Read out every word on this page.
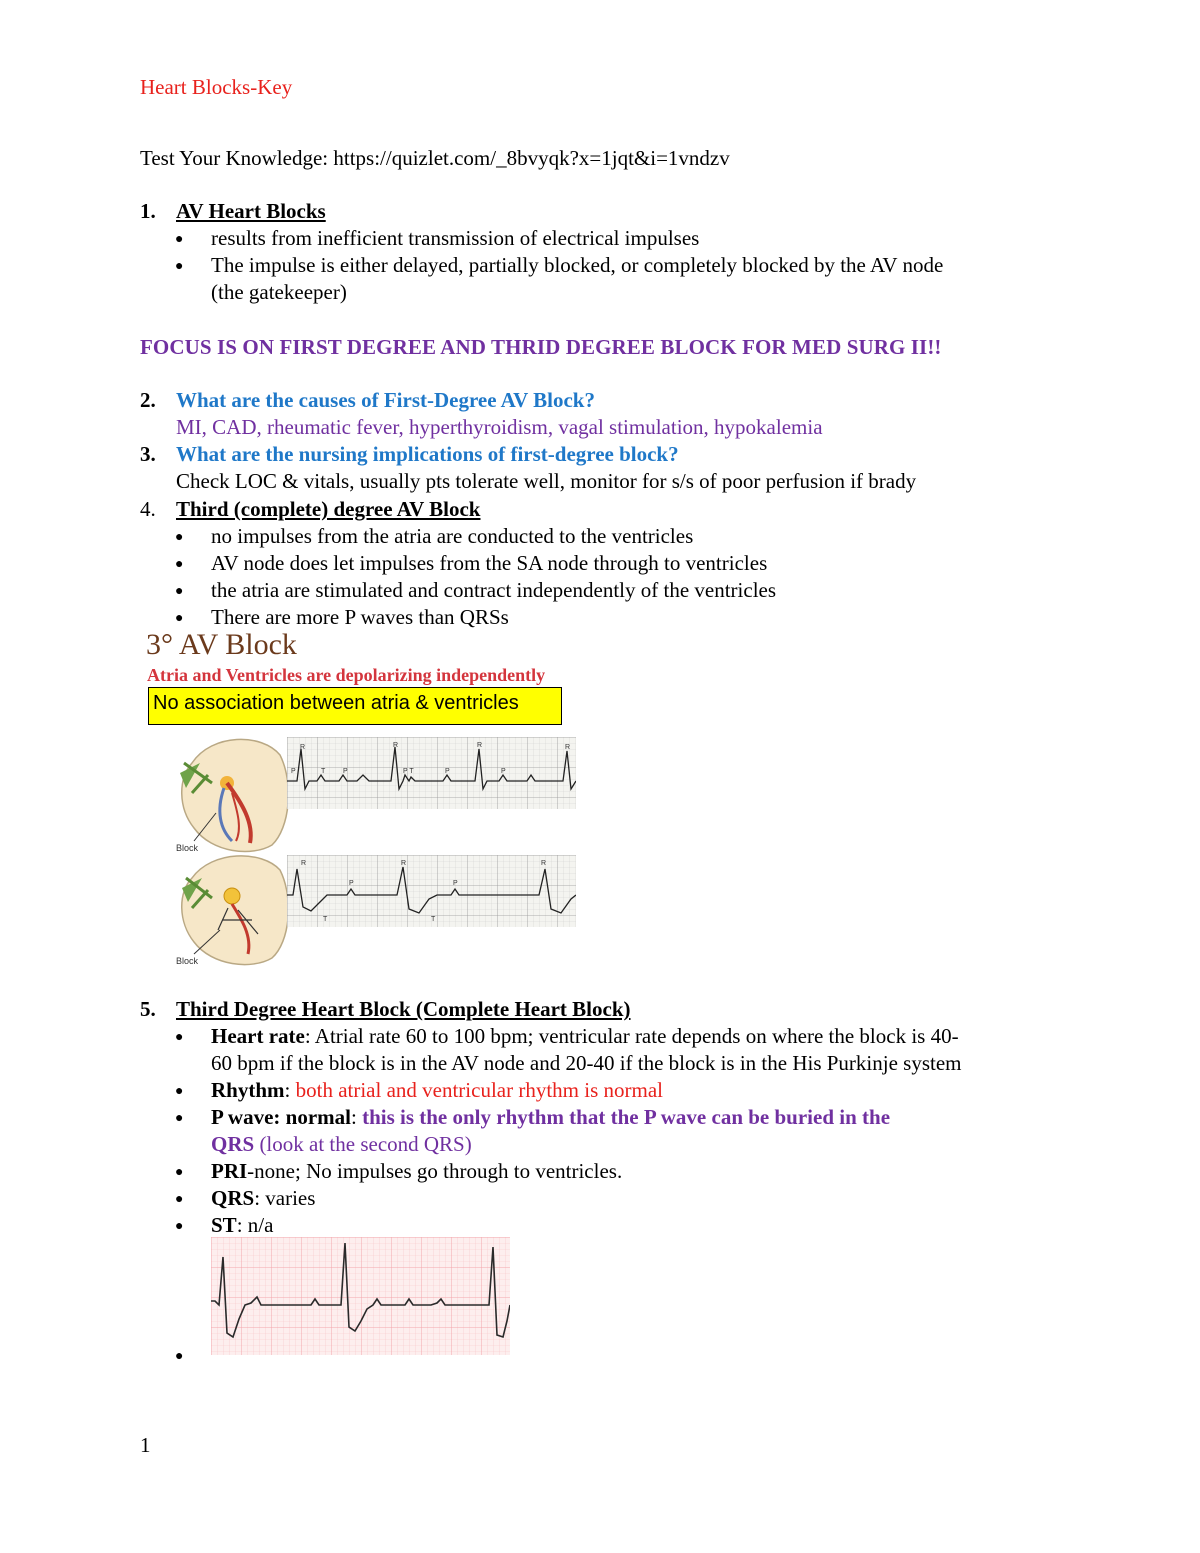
Heart Blocks-Key
Test Your Knowledge: https://quizlet.com/_8bvyqk?x=1jqt&i=1vndzv
1. AV Heart Blocks
● results from inefficient transmission of electrical impulses
● The impulse is either delayed, partially blocked, or completely blocked by the AV node
(the gatekeeper)
FOCUS IS ON FIRST DEGREE AND THRID DEGREE BLOCK FOR MED SURG II!!
2. What are the causes of First-Degree AV Block?
MI, CAD, rheumatic fever, hyperthyroidism, vagal stimulation, hypokalemia
3. What are the nursing implications of first-degree block?
Check LOC & vitals, usually pts tolerate well, monitor for s/s of poor perfusion if brady
4. Third (complete) degree AV Block
● no impulses from the atria are conducted to the ventricles
● AV node does let impulses from the SA node through to ventricles
● the atria are stimulated and contract independently of the ventricles
● There are more P waves than QRSs
3° AV Block
Atria and Ventricles are depolarizing independently
No association between atria & ventricles
Block
Block
R	R	R	R
P	T	P	P T	P	P
R	R	R
P	P
T	T
5. Third Degree Heart Block (Complete Heart Block)
● Heart rate: Atrial rate 60 to 100 bpm; ventricular rate depends on where the block is 40-
60 bpm if the block is in the AV node and 20-40 if the block is in the His Purkinje system
● Rhythm: both atrial and ventricular rhythm is normal
● P wave: normal: this is the only rhythm that the P wave can be buried in the
QRS (look at the second QRS)
● PRI-none; No impulses go through to ventricles.
● QRS: varies
● ST: n/a
●
1
